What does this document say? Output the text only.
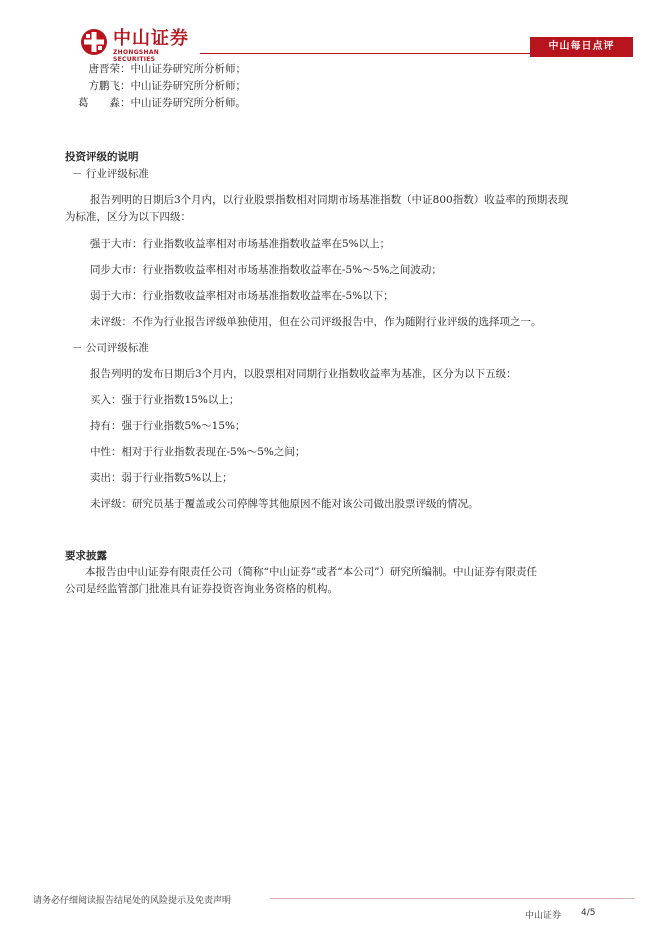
中山证券
ZHONGSHAN SECURITIES
中山每日点评
唐晋荣：中山证券研究所分析师；
方鹏飞：中山证券研究所分析师；
葛　　淼：中山证券研究所分析师。
投资评级的说明
－ 行业评级标准
报告列明的日期后3个月内，以行业股票指数相对同期市场基准指数（中证800指数）收益率的预期表现
为标准，区分为以下四级：
强于大市：行业指数收益率相对市场基准指数收益率在5%以上；
同步大市：行业指数收益率相对市场基准指数收益率在-5%～5%之间波动；
弱于大市：行业指数收益率相对市场基准指数收益率在-5%以下；
未评级：不作为行业报告评级单独使用，但在公司评级报告中，作为随附行业评级的选择项之一。
－ 公司评级标准
报告列明的发布日期后3个月内，以股票相对同期行业指数收益率为基准，区分为以下五级：
买入：强于行业指数15%以上；
持有：强于行业指数5%～15%；
中性：相对于行业指数表现在-5%～5%之间；
卖出：弱于行业指数5%以上；
未评级：研究员基于覆盖或公司停牌等其他原因不能对该公司做出股票评级的情况。
要求披露
本报告由中山证券有限责任公司（简称“中山证券”或者“本公司”）研究所编制。中山证券有限责任
公司是经监管部门批准具有证券投资咨询业务资格的机构。
请务必仔细阅读报告结尾处的风险提示及免责声明
中山证券 4/5
